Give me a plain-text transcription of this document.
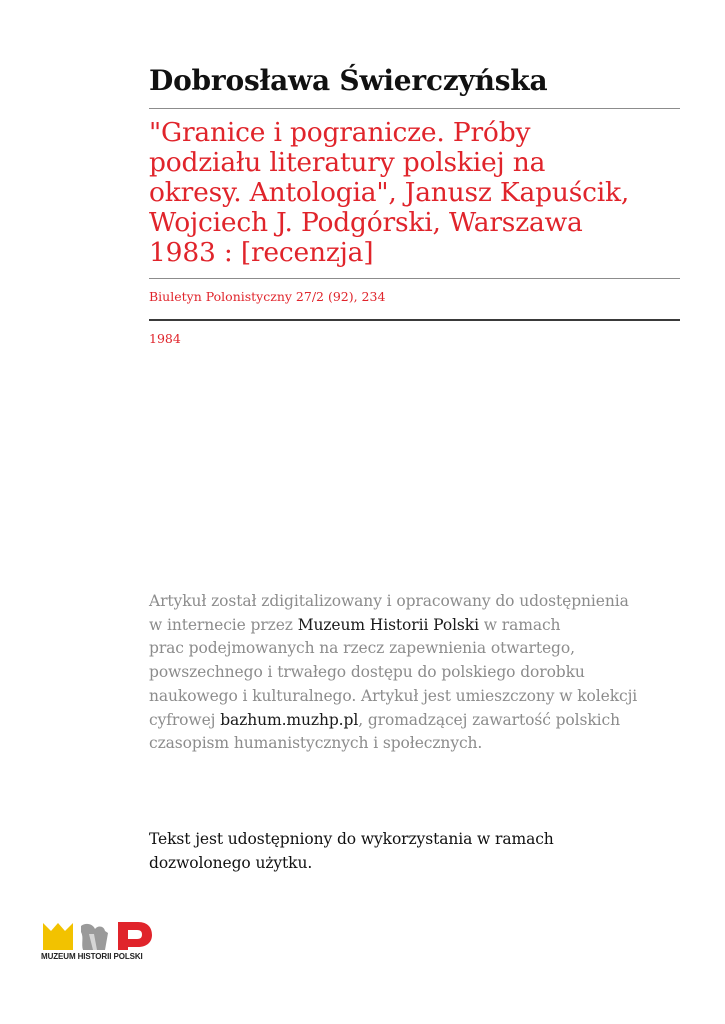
Dobrosława Świerczyńska
"Granice i pogranicze. Próby
podziału literatury polskiej na
okresy. Antologia", Janusz Kapuścik,
Wojciech J. Podgórski, Warszawa
1983 : [recenzja]
Biuletyn Polonistyczny 27/2 (92), 234
1984
Artykuł został zdigitalizowany i opracowany do udostępnienia
w internecie przez Muzeum Historii Polski w ramach
prac podejmowanych na rzecz zapewnienia otwartego,
powszechnego i trwałego dostępu do polskiego dorobku
naukowego i kulturalnego. Artykuł jest umieszczony w kolekcji
cyfrowej bazhum.muzhp.pl, gromadzącej zawartość polskich
czasopism humanistycznych i społecznych.
Tekst jest udostępniony do wykorzystania w ramach
dozwolonego użytku.
MUZEUM HISTORII POLSKI
